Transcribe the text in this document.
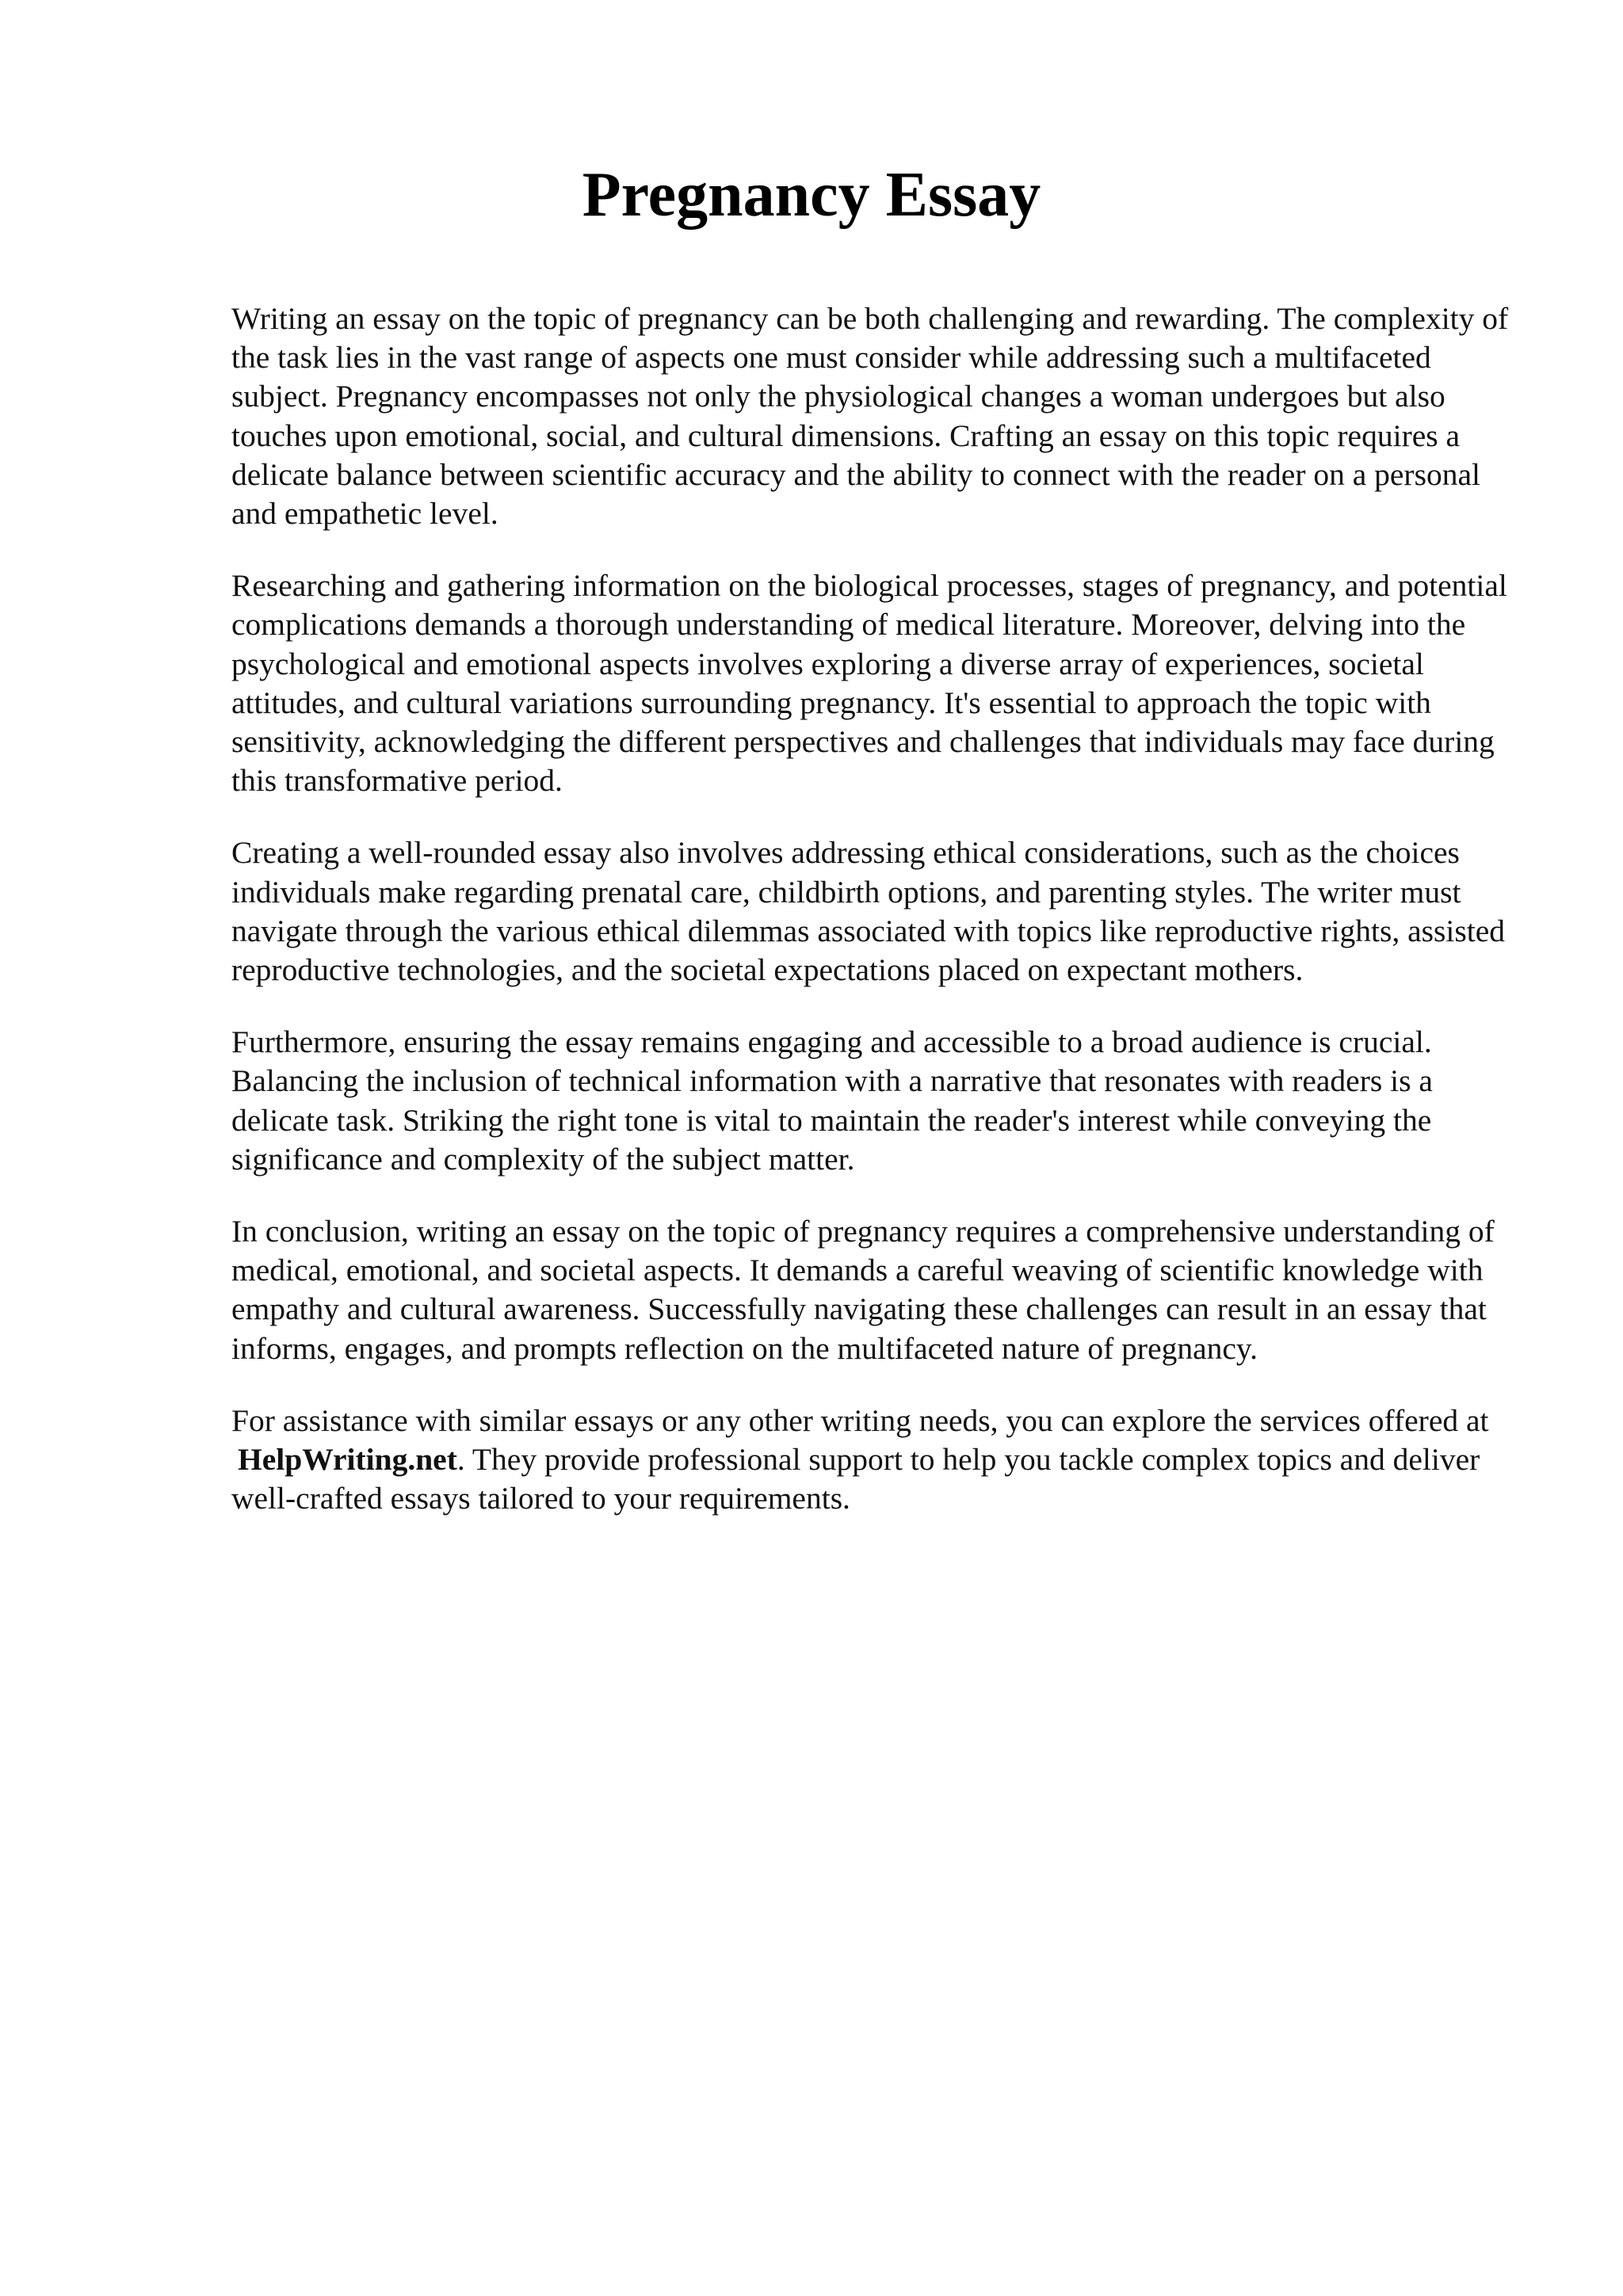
Pregnancy Essay

Writing an essay on the topic of pregnancy can be both challenging and rewarding. The complexity of the task lies in the vast range of aspects one must consider while addressing such a multifaceted subject. Pregnancy encompasses not only the physiological changes a woman undergoes but also touches upon emotional, social, and cultural dimensions. Crafting an essay on this topic requires a delicate balance between scientific accuracy and the ability to connect with the reader on a personal and empathetic level.

Researching and gathering information on the biological processes, stages of pregnancy, and potential complications demands a thorough understanding of medical literature. Moreover, delving into the psychological and emotional aspects involves exploring a diverse array of experiences, societal attitudes, and cultural variations surrounding pregnancy. It's essential to approach the topic with sensitivity, acknowledging the different perspectives and challenges that individuals may face during this transformative period.

Creating a well-rounded essay also involves addressing ethical considerations, such as the choices individuals make regarding prenatal care, childbirth options, and parenting styles. The writer must navigate through the various ethical dilemmas associated with topics like reproductive rights, assisted reproductive technologies, and the societal expectations placed on expectant mothers.

Furthermore, ensuring the essay remains engaging and accessible to a broad audience is crucial. Balancing the inclusion of technical information with a narrative that resonates with readers is a delicate task. Striking the right tone is vital to maintain the reader's interest while conveying the significance and complexity of the subject matter.

In conclusion, writing an essay on the topic of pregnancy requires a comprehensive understanding of medical, emotional, and societal aspects. It demands a careful weaving of scientific knowledge with empathy and cultural awareness. Successfully navigating these challenges can result in an essay that informs, engages, and prompts reflection on the multifaceted nature of pregnancy.

For assistance with similar essays or any other writing needs, you can explore the services offered at HelpWriting.net. They provide professional support to help you tackle complex topics and deliver well-crafted essays tailored to your requirements.
